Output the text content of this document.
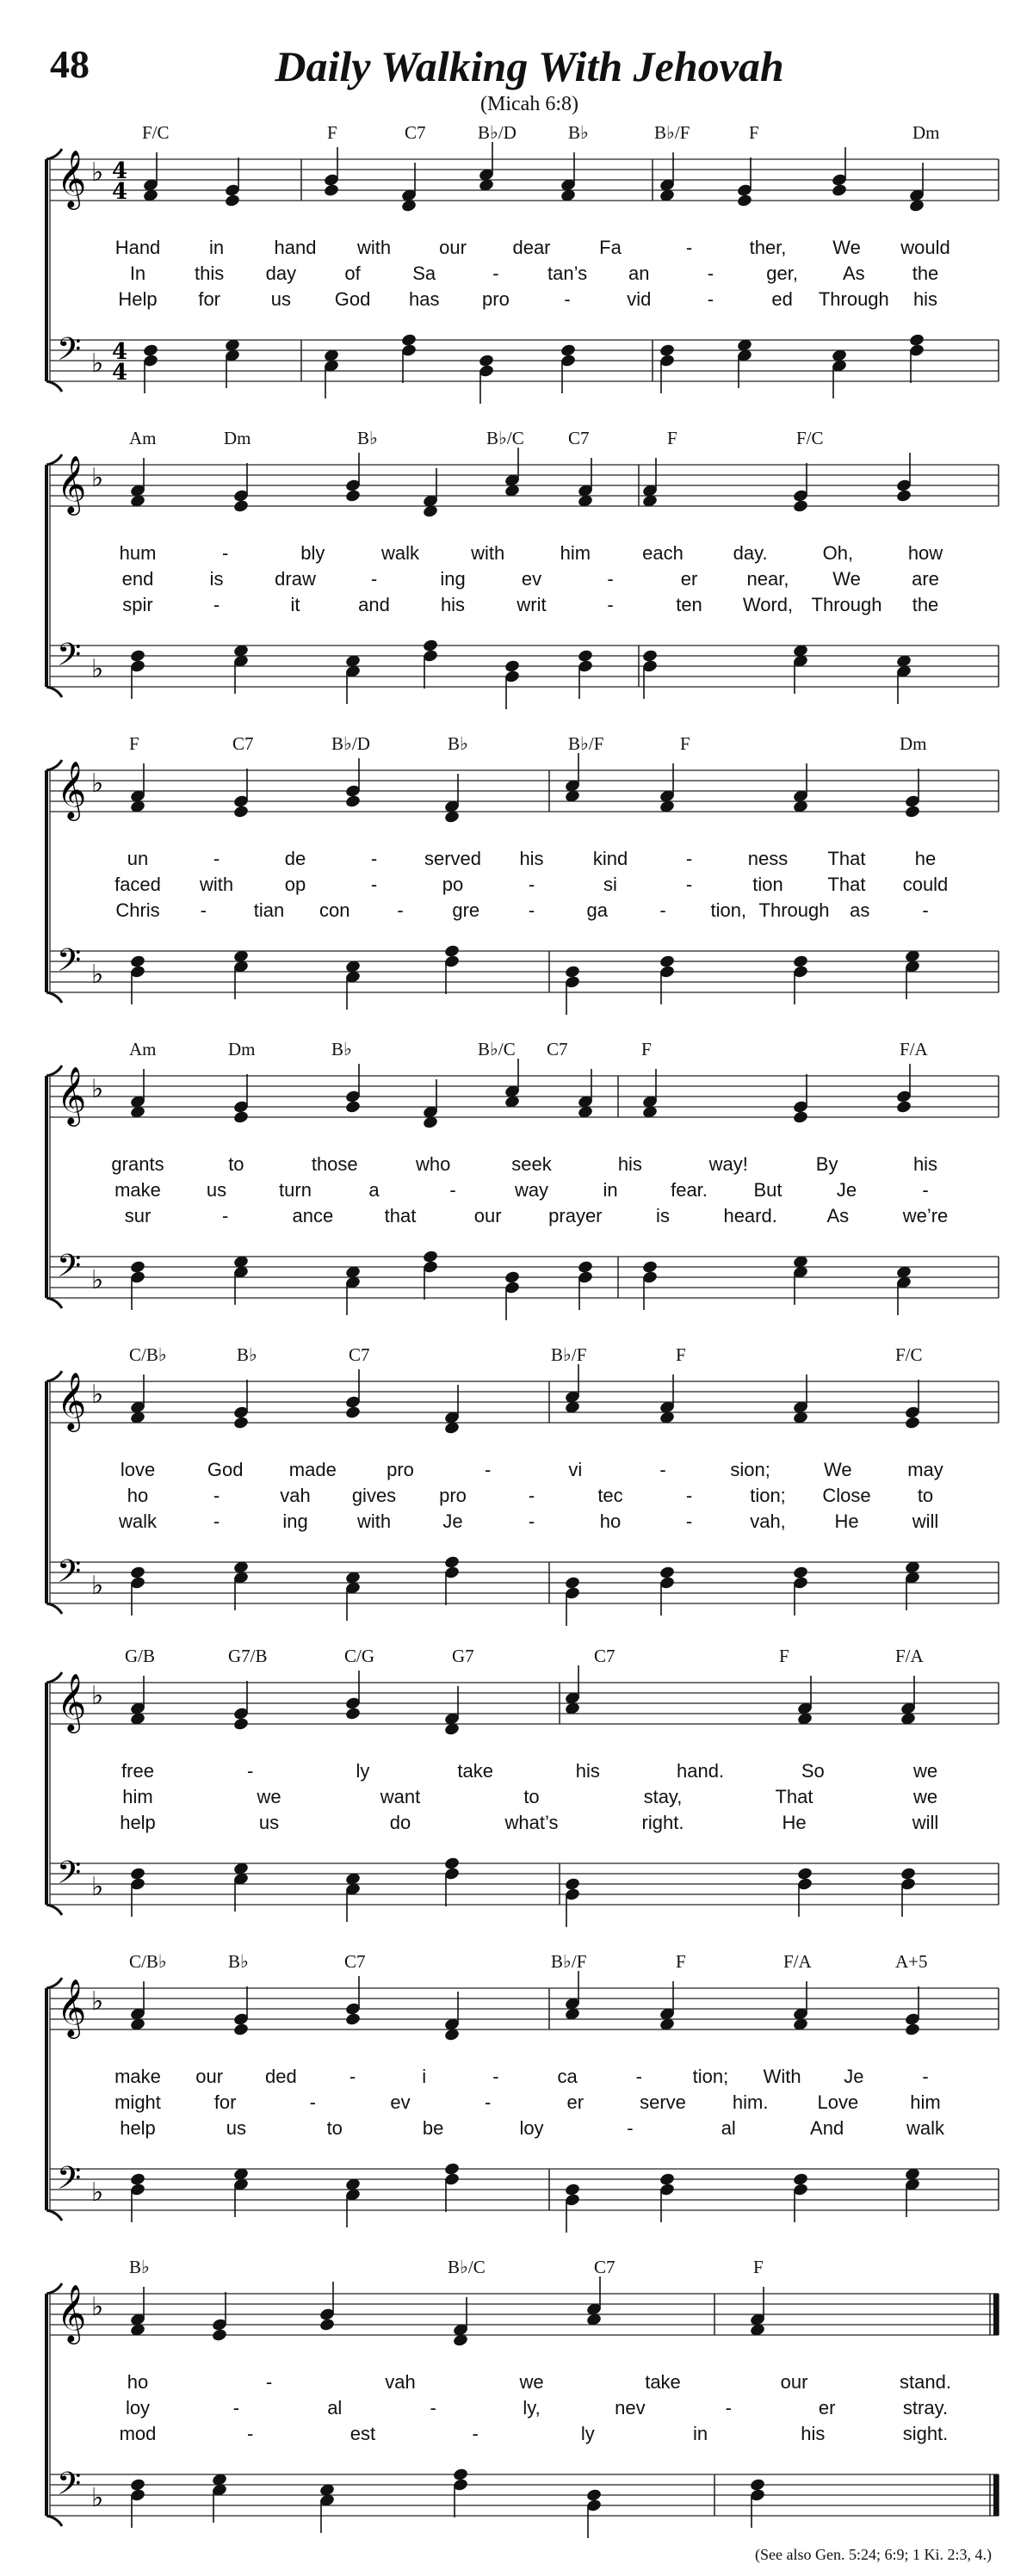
48	Daily Walking With Jehovah
(Micah 6:8)
𝄞 ♭ 4
4
𝄢 ♭ 4
4
F/C	F	C7	B♭/D	B♭	B♭/F	F	Dm
Hand	in	hand with	our dear	Fa	-	ther, We would
In	this day	of	Sa	-	tan’s an	-	ger, As	the
Help for	us God has pro	-	vid	-	ed Through his
𝄞 ♭
𝄢 ♭
Am	Dm	B♭	B♭/C C7	F	F/C
hum	-	bly	walk	with	him	each	day.	Oh,	how
end	is	draw	-	ing	ev	-	er	near, We	are
spir	-	it	and	his	writ	-	ten Word, Through the
𝄞 ♭
𝄢 ♭
F	C7	B♭/D	B♭	B♭/F	F	Dm
un	-	de	- served his	kind	-	ness That	he
faced with	op	-	po	-	si	-	tion That could
Chris - tian con -	gre	-	ga	- tion, Through as	-
𝄞 ♭
𝄢 ♭
Am	Dm	B♭	B♭/C C7	F	F/A
grants	to	those	who	seek	his	way!	By	his
make us	turn	a	-	way	in	fear. But	Je	-
sur	-	ance	that	our prayer	is	heard.	As	we’re
𝄞 ♭
𝄢 ♭
C/B♭	B♭	C7	B♭/F	F	F/C
love	God made	pro	-	vi	-	sion;	We	may
ho	-	vah gives pro	-	tec	-	tion; Close to
walk	-	ing	with	Je	-	ho	-	vah,	He	will
𝄞 ♭
𝄢 ♭
G/B	G7/B	C/G	G7	C7	F	F/A
free	-	ly	take	his	hand.	So	we
him	we	want	to	stay,	That	we
help	us	do	what’s	right.	He	will
𝄞 ♭
𝄢 ♭
C/B♭	B♭	C7	B♭/F	F	F/A	A+5
make our ded	-	i	-	ca	-	tion; With Je	-
might	for	-	ev	-	er	serve him.	Love	him
help	us	to	be	loy	-	al	And	walk
𝄞 ♭
𝄢 ♭
B♭	B♭/C	C7	F
ho	-	vah	we	take	our	stand.
loy	-	al	-	ly,	nev	-	er	stray.
mod	-	est	-	ly	in	his	sight.
(See also Gen. 5:24; 6:9; 1 Ki. 2:3, 4.)
